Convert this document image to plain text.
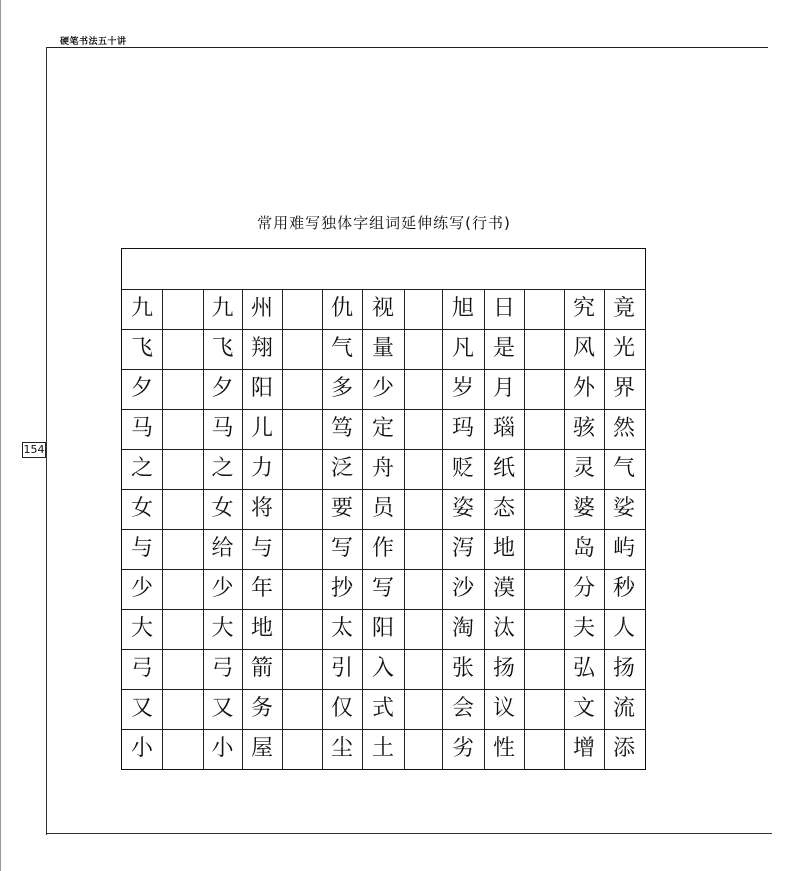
硬笔书法五十讲
154
常用难写独体字组词延伸练写(行书)
九
飞
夕
马
之
女
与
少
大
弓
又
小
九
飞
夕
马
之
女
给
少
大
弓
又
小
州
翔
阳
儿
力
将
与
年
地
箭
务
屋
仇
气
多
笃
泛
要
写
抄
太
引
仅
尘
视
量
少
定
舟
员
作
写
阳
入
式
土
旭
凡
岁
玛
贬
姿
泻
沙
淘
张
会
劣
日
是
月
瑙
纸
态
地
漠
汰
扬
议
性
究
风
外
骇
灵
婆
岛
分
夫
弘
文
增
竟
光
界
然
气
娑
屿
秒
人
扬
流
添
